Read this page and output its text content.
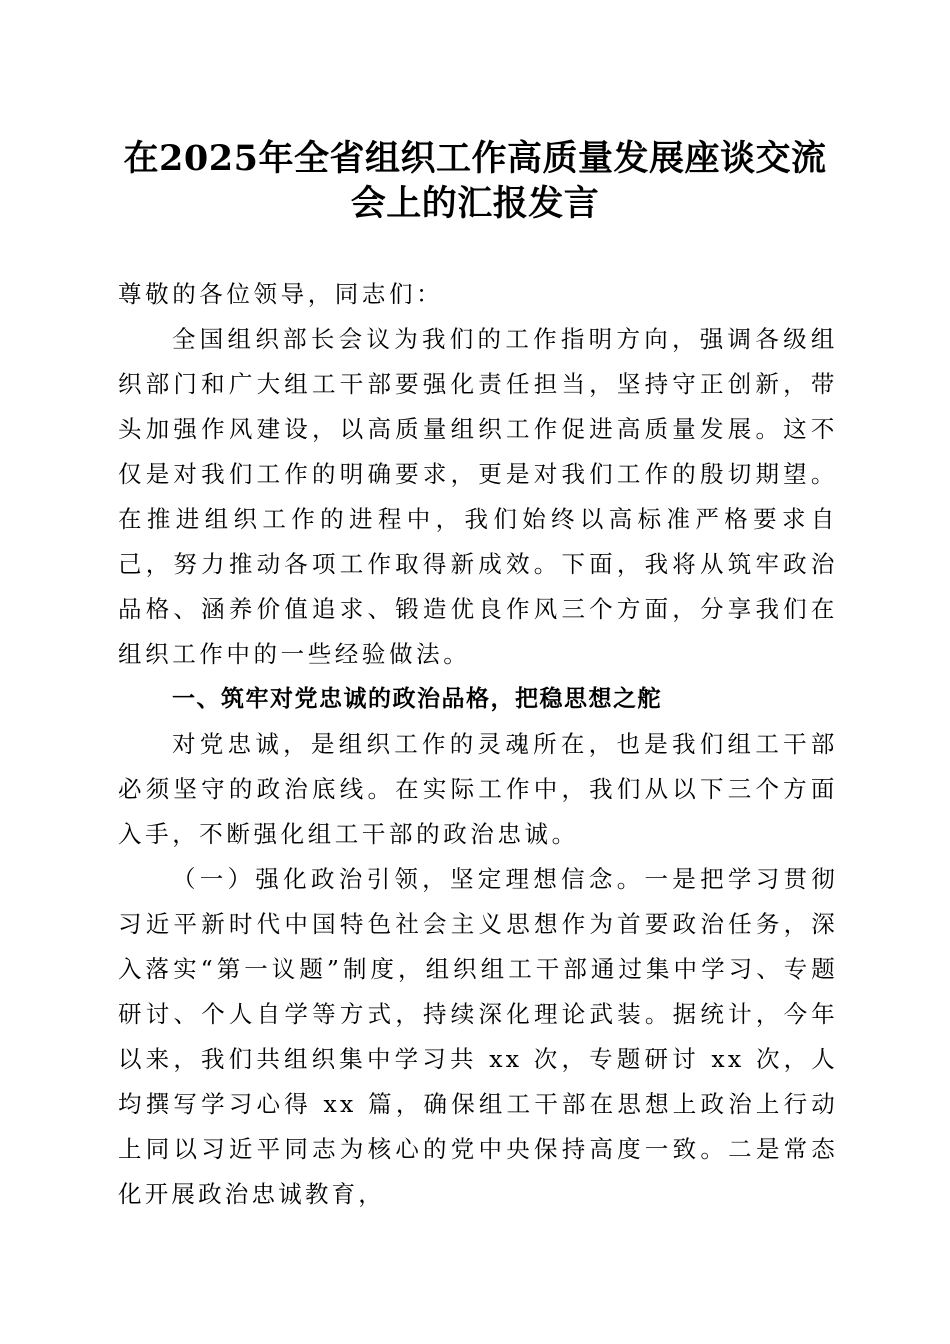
在2025年全省组织工作高质量发展座谈交流
会上的汇报发言

尊敬的各位领导，同志们：

全国组织部长会议为我们的工作指明方向，强调各级组织部门和广大组工干部要强化责任担当，坚持守正创新，带头加强作风建设，以高质量组织工作促进高质量发展。这不仅是对我们工作的明确要求，更是对我们工作的殷切期望。在推进组织工作的进程中，我们始终以高标准严格要求自己，努力推动各项工作取得新成效。下面，我将从筑牢政治品格、涵养价值追求、锻造优良作风三个方面，分享我们在组织工作中的一些经验做法。

一、筑牢对党忠诚的政治品格，把稳思想之舵

对党忠诚，是组织工作的灵魂所在，也是我们组工干部必须坚守的政治底线。在实际工作中，我们从以下三个方面入手，不断强化组工干部的政治忠诚。

（一）强化政治引领，坚定理想信念。一是把学习贯彻习近平新时代中国特色社会主义思想作为首要政治任务，深入落实“第一议题”制度，组织组工干部通过集中学习、专题研讨、个人自学等方式，持续深化理论武装。据统计，今年以来，我们共组织集中学习共 xx 次，专题研讨 xx 次，人均撰写学习心得 xx 篇，确保组工干部在思想上政治上行动上同以习近平同志为核心的党中央保持高度一致。二是常态化开展政治忠诚教育，
